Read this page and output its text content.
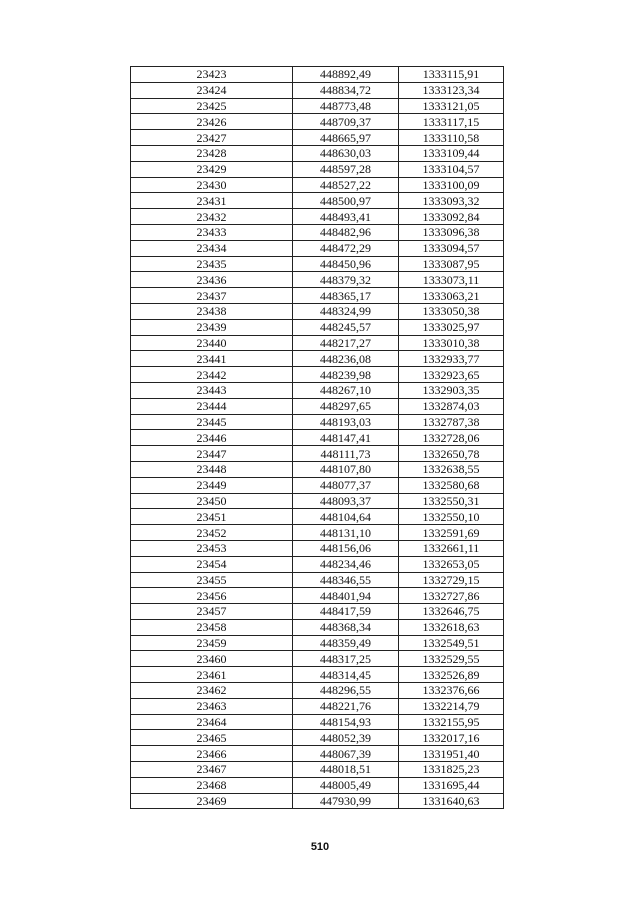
23423	448892,49	1333115,91
23424	448834,72	1333123,34
23425	448773,48	1333121,05
23426	448709,37	1333117,15
23427	448665,97	1333110,58
23428	448630,03	1333109,44
23429	448597,28	1333104,57
23430	448527,22	1333100,09
23431	448500,97	1333093,32
23432	448493,41	1333092,84
23433	448482,96	1333096,38
23434	448472,29	1333094,57
23435	448450,96	1333087,95
23436	448379,32	1333073,11
23437	448365,17	1333063,21
23438	448324,99	1333050,38
23439	448245,57	1333025,97
23440	448217,27	1333010,38
23441	448236,08	1332933,77
23442	448239,98	1332923,65
23443	448267,10	1332903,35
23444	448297,65	1332874,03
23445	448193,03	1332787,38
23446	448147,41	1332728,06
23447	448111,73	1332650,78
23448	448107,80	1332638,55
23449	448077,37	1332580,68
23450	448093,37	1332550,31
23451	448104,64	1332550,10
23452	448131,10	1332591,69
23453	448156,06	1332661,11
23454	448234,46	1332653,05
23455	448346,55	1332729,15
23456	448401,94	1332727,86
23457	448417,59	1332646,75
23458	448368,34	1332618,63
23459	448359,49	1332549,51
23460	448317,25	1332529,55
23461	448314,45	1332526,89
23462	448296,55	1332376,66
23463	448221,76	1332214,79
23464	448154,93	1332155,95
23465	448052,39	1332017,16
23466	448067,39	1331951,40
23467	448018,51	1331825,23
23468	448005,49	1331695,44
23469	447930,99	1331640,63
510
